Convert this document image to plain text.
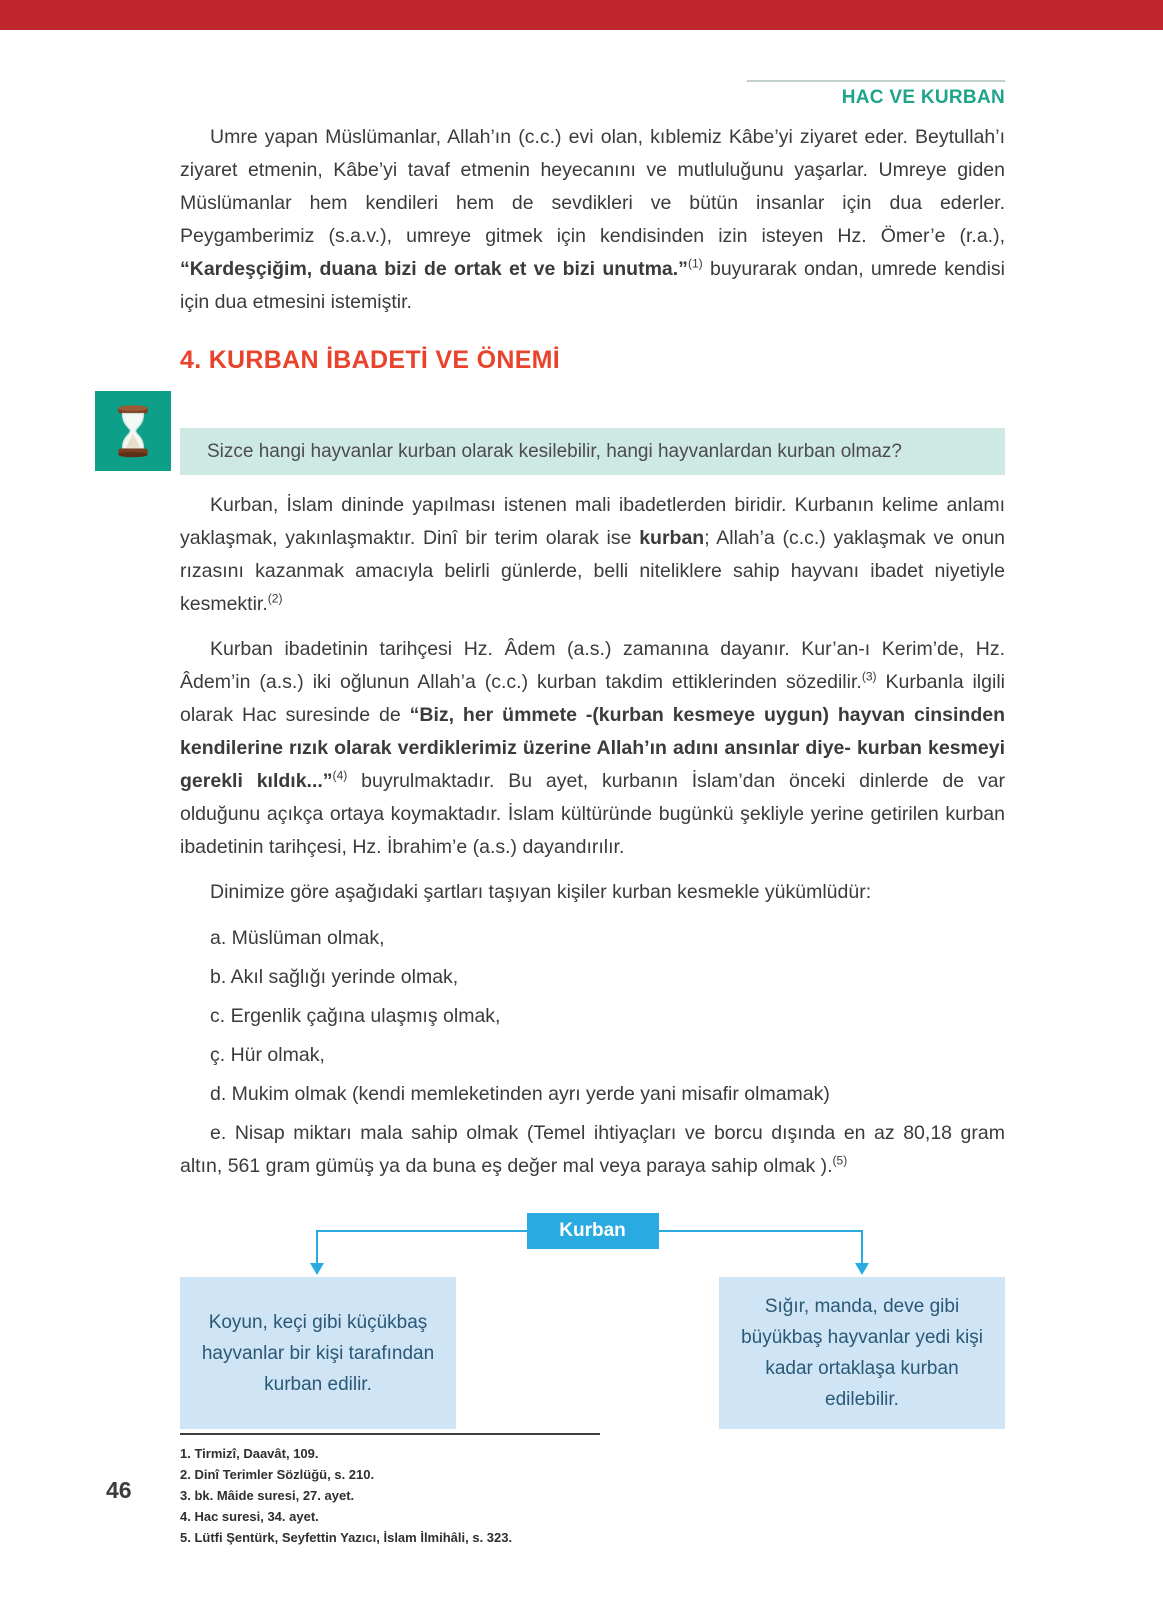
HAC VE KURBAN

Umre yapan Müslümanlar, Allah’ın (c.c.) evi olan, kıblemiz Kâbe’yi ziyaret eder. Beytullah’ı ziyaret etmenin, Kâbe’yi tavaf etmenin heyecanını ve mutluluğunu yaşarlar. Umreye giden Müslümanlar hem kendileri hem de sevdikleri ve bütün insanlar için dua ederler. Peygamberimiz (s.a.v.), umreye gitmek için kendisinden izin isteyen Hz. Ömer’e (r.a.), “Kardeşçiğim, duana bizi de ortak et ve bizi unutma.”$^{(1)}$ buyurarak ondan, umrede kendisi için dua etmesini istemiştir.

4. KURBAN İBADETİ VE ÖNEMİ
Sizce hangi hayvanlar kurban olarak kesilebilir, hangi hayvanlardan kurban olmaz?

Kurban, İslam dininde yapılması istenen mali ibadetlerden biridir. Kurbanın kelime anlamı yaklaşmak, yakınlaşmaktır. Dinî bir terim olarak ise kurban; Allah’a (c.c.) yaklaşmak ve onun rızasını kazanmak amacıyla belirli günlerde, belli niteliklere sahip hayvanı ibadet niyetiyle kesmektir.$^{(2)}$

Kurban ibadetinin tarihçesi Hz. Âdem (a.s.) zamanına dayanır. Kur’an-ı Kerim’de, Hz. Âdem’in (a.s.) iki oğlunun Allah’a (c.c.) kurban takdim ettiklerinden sözedilir.$^{(3)}$ Kurbanla ilgili olarak Hac suresinde de “Biz, her ümmete -(kurban kesmeye uygun) hayvan cinsinden kendilerine rızık olarak verdiklerimiz üzerine Allah’ın adını ansınlar diye- kurban kesmeyi gerekli kıldık...”$^{(4)}$ buyrulmaktadır. Bu ayet, kurbanın İslam’dan önceki dinlerde de var olduğunu açıkça ortaya koymaktadır. İslam kültüründe bugünkü şekliyle yerine getirilen kurban ibadetinin tarihçesi, Hz. İbrahim’e (a.s.) dayandırılır.

Dinimize göre aşağıdaki şartları taşıyan kişiler kurban kesmekle yükümlüdür:

a. Müslüman olmak,

b. Akıl sağlığı yerinde olmak,

c. Ergenlik çağına ulaşmış olmak,

ç. Hür olmak,

d. Mukim olmak (kendi memleketinden ayrı yerde yani misafir olmamak)

e. Nisap miktarı mala sahip olmak (Temel ihtiyaçları ve borcu dışında en az 80,18 gram altın, 561 gram gümüş ya da buna eş değer mal veya paraya sahip olmak ).$^{(5)}$

Kurban
Koyun, keçi gibi küçükbaş hayvanlar bir kişi tarafından kurban edilir.
Sığır, manda, deve gibi büyükbaş hayvanlar yedi kişi kadar ortaklaşa kurban edilebilir.
1. Tirmizî, Daavât, 109.
2. Dinî Terimler Sözlüğü, s. 210.
3. bk. Mâide suresi, 27. ayet.
4. Hac suresi, 34. ayet.
5. Lütfi Şentürk, Seyfettin Yazıcı, İslam İlmihâli, s. 323.
46
